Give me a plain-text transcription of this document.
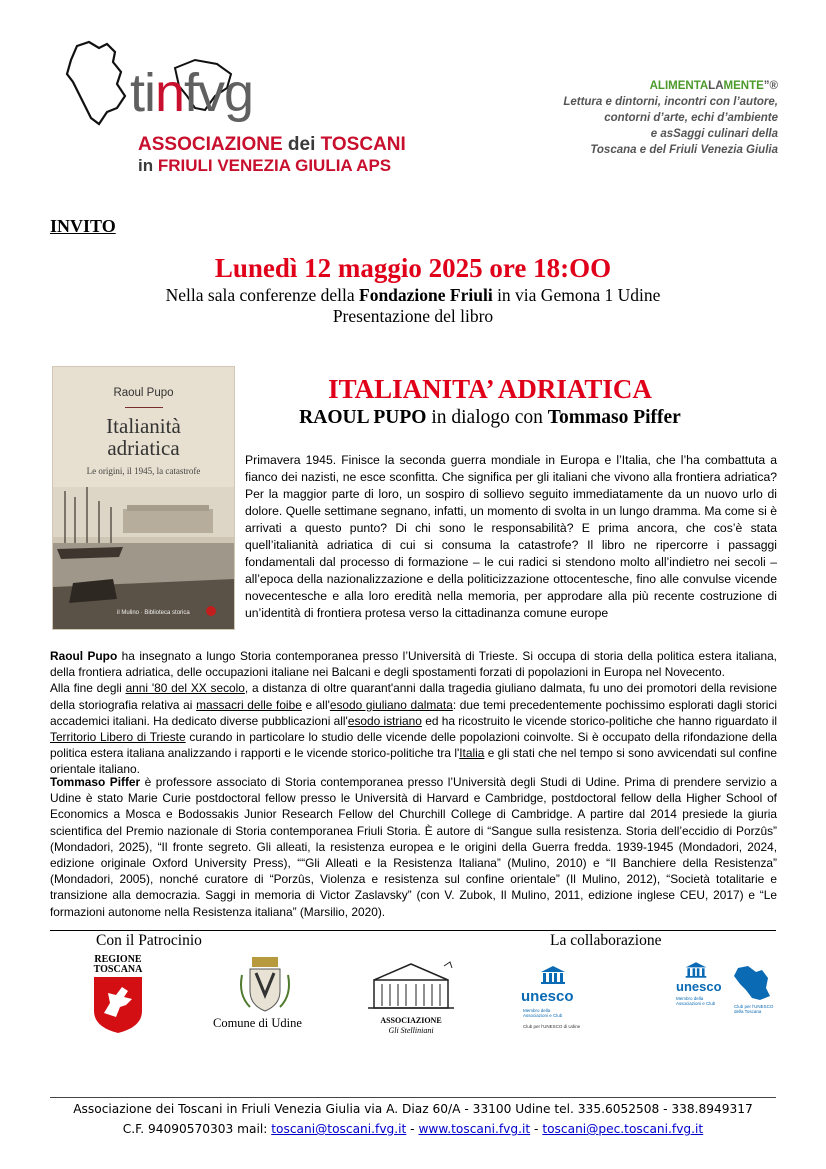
tinfvg
ASSOCIAZIONE dei TOSCANI
in FRIULI VENEZIA GIULIA APS
ALIMENTALAMENTE”®
Lettura e dintorni, incontri con l’autore,
contorni d’arte, echi d’ambiente
e asSaggi culinari della
Toscana e del Friuli Venezia Giulia
INVITO
Lunedì 12 maggio 2025 ore 18:OO
Nella sala conferenze della Fondazione Friuli in via Gemona 1 Udine
Presentazione del libro
Raoul Pupo
Italianità
adriatica
Le origini, il 1945, la catastrofe
il Mulino · Biblioteca storica
ITALIANITA’ ADRIATICA
RAOUL PUPO in dialogo con Tommaso Piffer

Primavera 1945. Finisce la seconda guerra mondiale in Europa e l’Italia, che l’ha combattuta a fianco dei nazisti, ne esce sconfitta. Che significa per gli italiani che vivono alla frontiera adriatica? Per la maggior parte di loro, un sospiro di sollievo seguito immediatamente da un nuovo urlo di dolore. Quelle settimane segnano, infatti, un momento di svolta in un lungo dramma. Ma come si è arrivati a questo punto? Di chi sono le responsabilità? E prima ancora, che cos’è stata quell’italianità adriatica di cui si consuma la catastrofe? Il libro ne ripercorre i passaggi fondamentali dal processo di formazione – le cui radici si stendono molto all’indietro nei secoli – all’epoca della nazionalizzazione e della politicizzazione ottocentesche, fino alle convulse vicende novecentesche e alla loro eredità nella memoria, per approdare alla più recente costruzione di un’identità di frontiera protesa verso la cittadinanza comune europe

Raoul Pupo ha insegnato a lungo Storia contemporanea presso l’Università di Trieste. Si occupa di storia della politica estera italiana, della frontiera adriatica, delle occupazioni italiane nei Balcani e degli spostamenti forzati di popolazioni in Europa nel Novecento.

Alla fine degli anni '80 del XX secolo, a distanza di oltre quarant'anni dalla tragedia giuliano dalmata, fu uno dei promotori della revisione della storiografia relativa ai massacri delle foibe e all'esodo giuliano dalmata: due temi precedentemente pochissimo esplorati dagli storici accademici italiani. Ha dedicato diverse pubblicazioni all'esodo istriano ed ha ricostruito le vicende storico-politiche che hanno riguardato il Territorio Libero di Trieste curando in particolare lo studio delle vicende delle popolazioni coinvolte. Si è occupato della rifondazione della politica estera italiana analizzando i rapporti e le vicende storico-politiche tra l'Italia e gli stati che nel tempo si sono avvicendati sul confine orientale italiano.

Tommaso Piffer è professore associato di Storia contemporanea presso l’Università degli Studi di Udine. Prima di prendere servizio a Udine è stato Marie Curie postdoctoral fellow presso le Università di Harvard e Cambridge, postdoctoral fellow della Higher School of Economics a Mosca e Bodossakis Junior Research Fellow del Churchill College di Cambridge. A partire dal 2014 presiede la giuria scientifica del Premio nazionale di Storia contemporanea Friuli Storia. È autore di “Sangue sulla resistenza. Storia dell’eccidio di Porzûs” (Mondadori, 2025), “Il fronte segreto. Gli alleati, la resistenza europea e le origini della Guerra fredda. 1939-1945 (Mondadori, 2024, edizione originale Oxford University Press), ““Gli Alleati e la Resistenza Italiana” (Mulino, 2010) e “Il Banchiere della Resistenza” (Mondadori, 2005), nonché curatore di “Porzûs, Violenza e resistenza sul confine orientale” (Il Mulino, 2012), “Società totalitarie e transizione alla democrazia. Saggi in memoria di Victor Zaslavsky” (con V. Zubok, Il Mulino, 2011, edizione inglese CEU, 2017) e “Le formazioni autonome nella Resistenza italiana” (Marsilio, 2020).

Con il Patrocinio	La collaborazione
REGIONE
TOSCANA
Comune di Udine	ASSOCIAZIONE
Gli Stelliniani
unesco
Membro della Associazioni e Club
Club per l'UNESCO di Udine
unesco
Membro della Associazioni e Club
Club per l'UNESCO della Toscana
Associazione dei Toscani in Friuli Venezia Giulia via A. Diaz 60/A - 33100 Udine tel. 335.6052508 - 338.8949317
C.F. 94090570303 mail: toscani@toscani.fvg.it - www.toscani.fvg.it - toscani@pec.toscani.fvg.it
